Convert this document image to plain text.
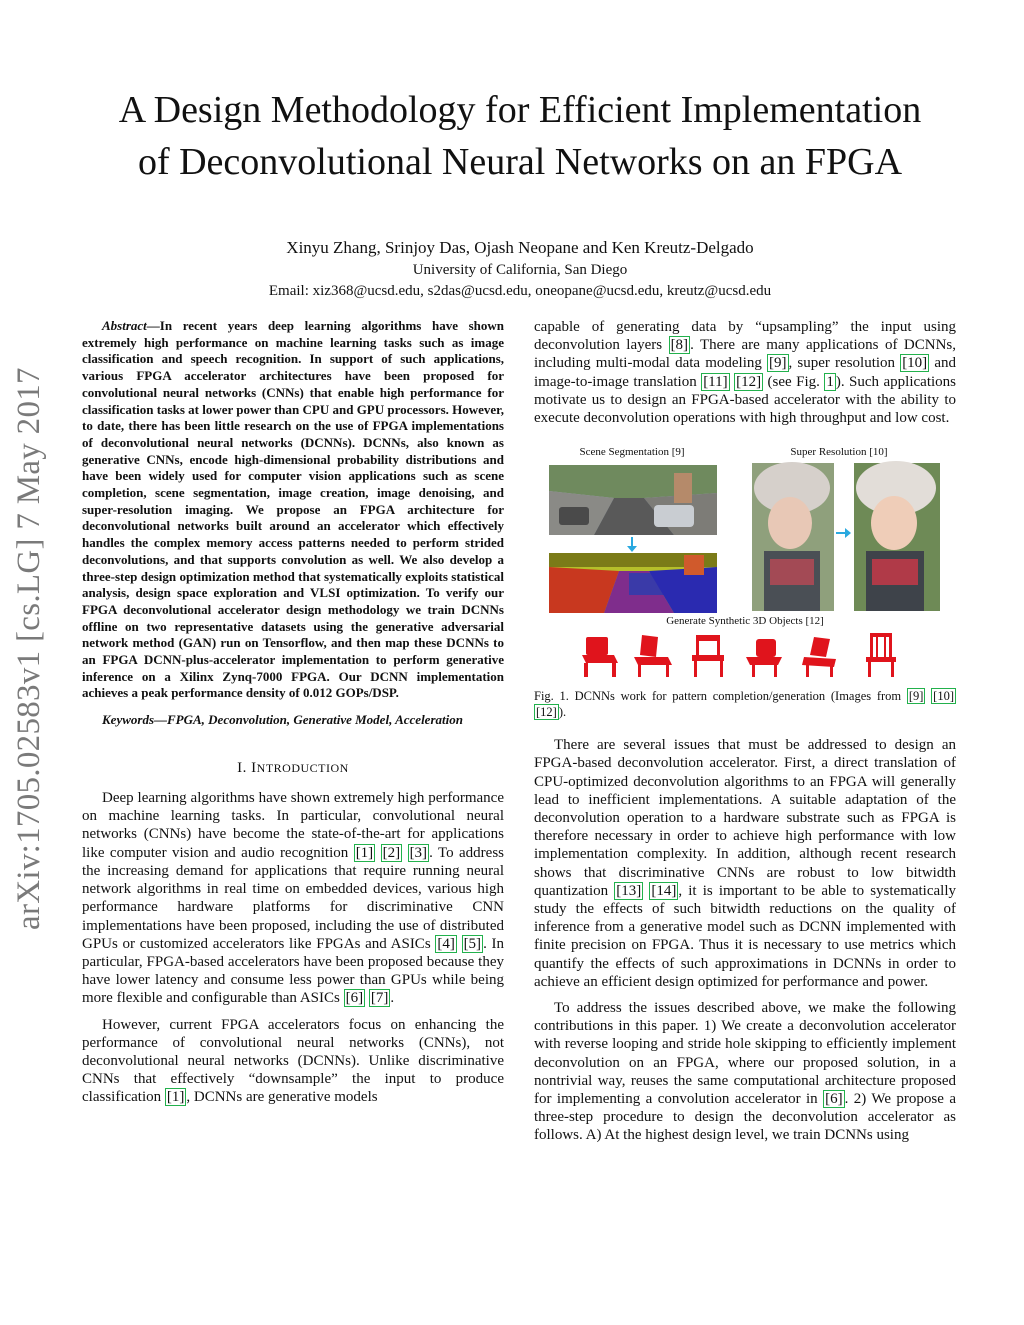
A Design Methodology for Efficient Implementation
of Deconvolutional Neural Networks on an FPGA
Xinyu Zhang, Srinjoy Das, Ojash Neopane and Ken Kreutz-Delgado
University of California, San Diego
Email: xiz368@ucsd.edu, s2das@ucsd.edu, oneopane@ucsd.edu, kreutz@ucsd.edu
arXiv:1705.02583v1 [cs.LG] 7 May 2017

Abstract—In recent years deep learning algorithms have shown extremely high performance on machine learning tasks such as image classification and speech recognition. In support of such applications, various FPGA accelerator architectures have been proposed for convolutional neural networks (CNNs) that enable high performance for classification tasks at lower power than CPU and GPU processors. However, to date, there has been little research on the use of FPGA implementations of deconvolutional neural networks (DCNNs). DCNNs, also known as generative CNNs, encode high-dimensional probability distributions and have been widely used for computer vision applications such as scene completion, scene segmentation, image creation, image denoising, and super-resolution imaging. We propose an FPGA architecture for deconvolutional networks built around an accelerator which effectively handles the complex memory access patterns needed to perform strided deconvolutions, and that supports convolution as well. We also develop a three-step design optimization method that systematically exploits statistical analysis, design space exploration and VLSI optimization. To verify our FPGA deconvolutional accelerator design methodology we train DCNNs offline on two representative datasets using the generative adversarial network method (GAN) run on Tensorflow, and then map these DCNNs to an FPGA DCNN-plus-accelerator implementation to perform generative inference on a Xilinx Zynq-7000 FPGA. Our DCNN implementation achieves a peak performance density of 0.012 GOPs/DSP.

Keywords—FPGA, Deconvolution, Generative Model, Acceleration

I. INTRODUCTION

Deep learning algorithms have shown extremely high performance on machine learning tasks. In particular, convolutional neural networks (CNNs) have become the state-of-the-art for applications like computer vision and audio recognition [1] [2] [3] . To address the increasing demand for applications that require running neural network algorithms in real time on embedded devices, various high performance hardware platforms for discriminative CNN implementations have been proposed, including the use of distributed GPUs or customized accelerators like FPGAs and ASICs [4] [5] . In particular, FPGA-based accelerators have been proposed because they have lower latency and consume less power than GPUs while being more flexible and configurable than ASICs [6] [7] .

However, current FPGA accelerators focus on enhancing the performance of convolutional neural networks (CNNs), not deconvolutional neural networks (DCNNs). Unlike discriminative CNNs that effectively “downsample” the input to produce classification [1] , DCNNs are generative models

capable of generating data by “upsampling” the input using deconvolution layers [8] . There are many applications of DCNNs, including multi-modal data modeling [9] , super resolution [10] and image-to-image translation [11] [12] (see Fig. 1 ). Such applications motivate us to design an FPGA-based accelerator with the ability to execute deconvolution operations with high throughput and low cost.

Scene Segmentation [9]	Super Resolution [10]
Generate Synthetic 3D Objects [12]
Fig. 1. DCNNs work for pattern completion/generation (Images from [9] [10] [12] ).

There are several issues that must be addressed to design an FPGA-based deconvolution accelerator. First, a direct translation of CPU-optimized deconvolution algorithms to an FPGA will generally lead to inefficient implementations. A suitable adaptation of the deconvolution operation to a hardware substrate such as FPGA is therefore necessary in order to achieve high performance with low implementation complexity. In addition, although recent research shows that discriminative CNNs are robust to low bitwidth quantization [13] [14] , it is important to be able to systematically study the effects of such bitwidth reductions on the quality of inference from a generative model such as DCNN implemented with finite precision on FPGA. Thus it is necessary to use metrics which quantify the effects of such approximations in DCNNs in order to achieve an efficient design optimized for performance and power.

To address the issues described above, we make the following contributions in this paper. 1) We create a deconvolution accelerator with reverse looping and stride hole skipping to efficiently implement deconvolution on an FPGA, where our proposed solution, in a nontrivial way, reuses the same computational architecture proposed for implementing a convolution accelerator in [6] . 2) We propose a three-step procedure to design the deconvolution accelerator as follows. A) At the highest design level, we train DCNNs using
